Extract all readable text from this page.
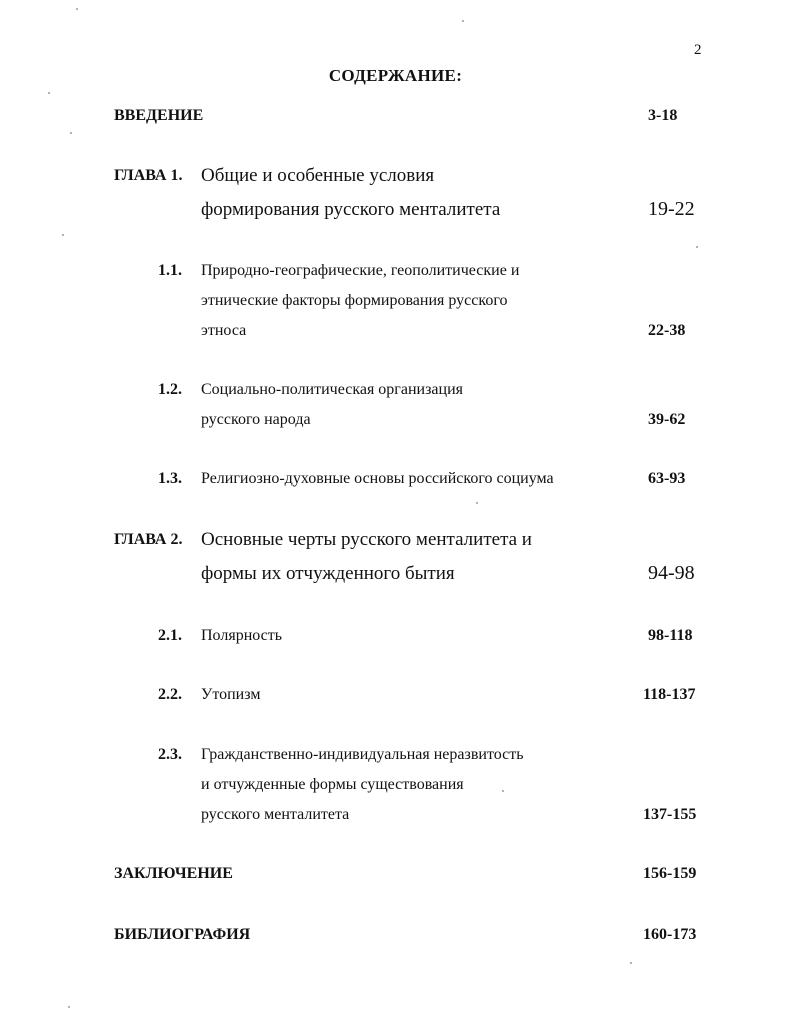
2
СОДЕРЖАНИЕ:
ВВЕДЕНИЕ	3-18
ГЛАВА 1. Общие и особенные условия
формирования русского менталитета	19-22
1.1. Природно-географические, геополитические и
этнические факторы формирования русского
этноса	22-38
1.2. Социально-политическая организация
русского народа	39-62
1.3. Религиозно-духовные основы российского социума	63-93
ГЛАВА 2. Основные черты русского менталитета и
формы их отчужденного бытия	94-98
2.1. Полярность	98-118
2.2. Утопизм	118-137
2.3. Гражданственно-индивидуальная неразвитость
и отчужденные формы существования
русского менталитета	137-155
ЗАКЛЮЧЕНИЕ	156-159
БИБЛИОГРАФИЯ	160-173
